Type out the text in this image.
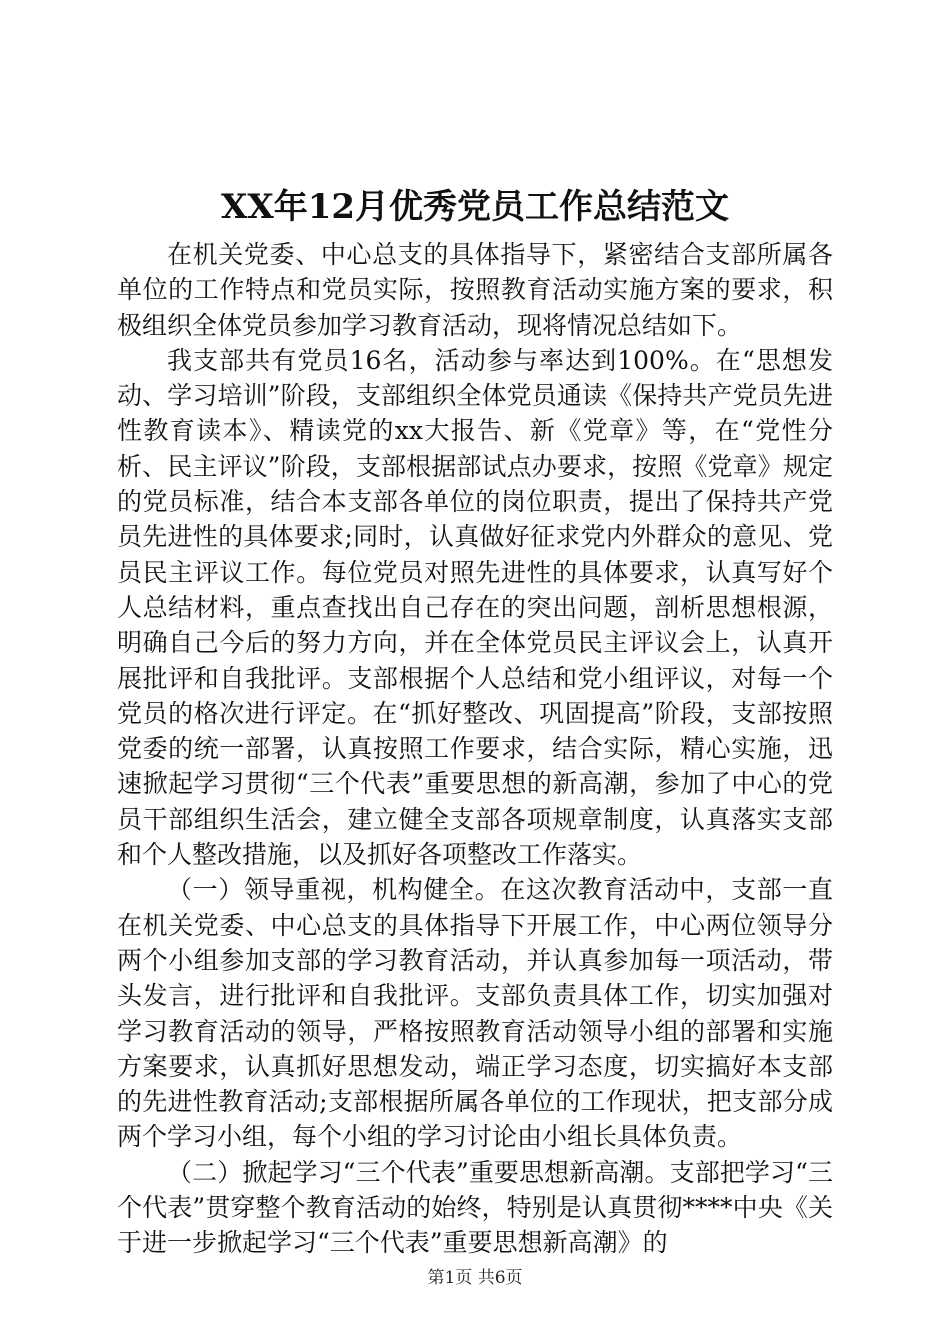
XX年12月优秀党员工作总结范文

在机关党委、中心总支的具体指导下，紧密结合支部所属各单位的工作特点和党员实际，按照教育活动实施方案的要求，积极组织全体党员参加学习教育活动，现将情况总结如下。

我支部共有党员16名，活动参与率达到100%。在“思想发动、学习培训”阶段，支部组织全体党员通读《保持共产党员先进性教育读本》、精读党的xx大报告、新《党章》等，在“党性分析、民主评议”阶段，支部根据部试点办要求，按照《党章》规定的党员标准，结合本支部各单位的岗位职责，提出了保持共产党员先进性的具体要求;同时，认真做好征求党内外群众的意见、党员民主评议工作。每位党员对照先进性的具体要求，认真写好个人总结材料，重点查找出自己存在的突出问题，剖析思想根源，明确自己今后的努力方向，并在全体党员民主评议会上，认真开展批评和自我批评。支部根据个人总结和党小组评议，对每一个党员的格次进行评定。在“抓好整改、巩固提高”阶段，支部按照党委的统一部署，认真按照工作要求，结合实际，精心实施，迅速掀起学习贯彻“三个代表”重要思想的新高潮，参加了中心的党员干部组织生活会，建立健全支部各项规章制度，认真落实支部和个人整改措施，以及抓好各项整改工作落实。

（一）领导重视，机构健全。在这次教育活动中，支部一直在机关党委、中心总支的具体指导下开展工作，中心两位领导分两个小组参加支部的学习教育活动，并认真参加每一项活动，带头发言，进行批评和自我批评。支部负责具体工作，切实加强对学习教育活动的领导，严格按照教育活动领导小组的部署和实施方案要求，认真抓好思想发动，端正学习态度，切实搞好本支部的先进性教育活动;支部根据所属各单位的工作现状，把支部分成两个学习小组，每个小组的学习讨论由小组长具体负责。

（二）掀起学习“三个代表”重要思想新高潮。支部把学习“三个代表”贯穿整个教育活动的始终，特别是认真贯彻****中央《关于进一步掀起学习“三个代表”重要思想新高潮》的

第1页 共6页
